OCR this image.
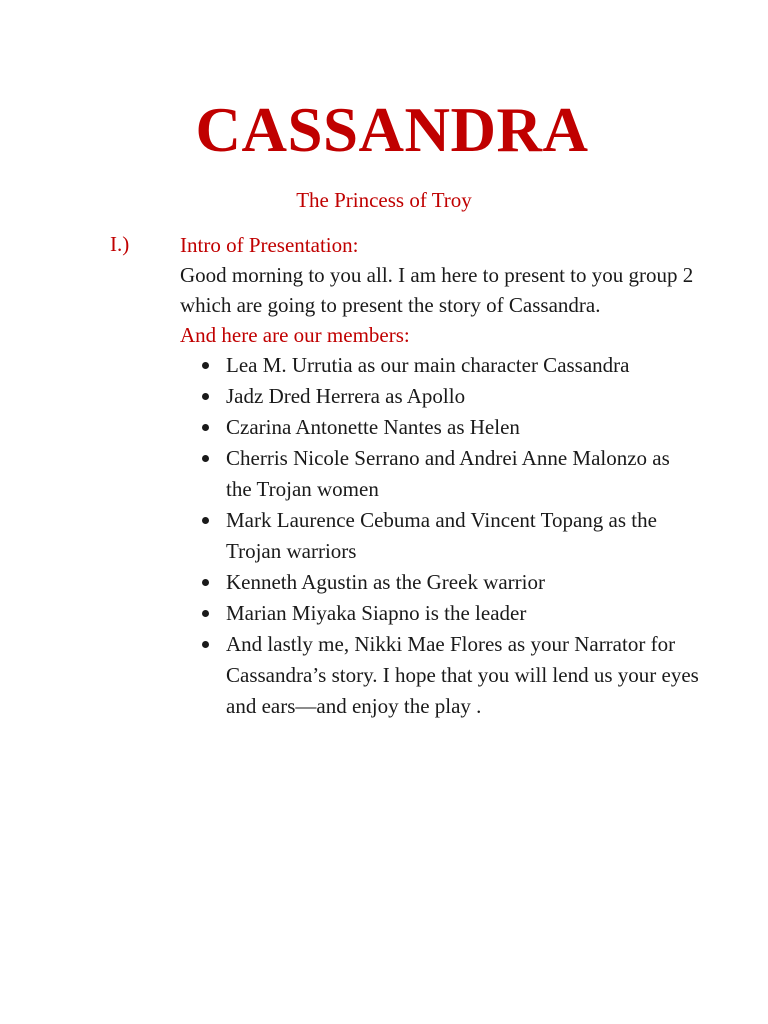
CASSANDRA

The Princess of Troy

I.) Intro of Presentation:

Good morning to you all. I am here to present to you group 2 which are going to present the story of Cassandra.

And here are our members:

Lea M. Urrutia as our main character Cassandra
Jadz Dred Herrera as Apollo
Czarina Antonette Nantes as Helen
Cherris Nicole Serrano and Andrei Anne Malonzo as the Trojan women
Mark Laurence Cebuma and Vincent Topang as the Trojan warriors
Kenneth Agustin as the Greek warrior
Marian Miyaka Siapno is the leader
And lastly me, Nikki Mae Flores as your Narrator for Cassandra’s story. I hope that you will lend us your eyes and ears—and enjoy the play .
